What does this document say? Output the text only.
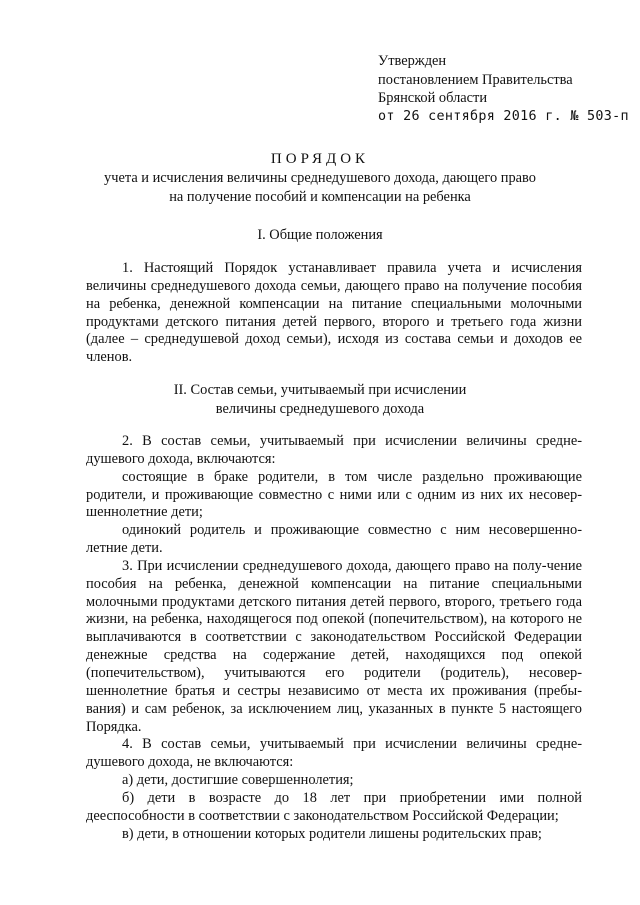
Утвержден
постановлением Правительства
Брянской области
от 26 сентября 2016 г. № 503-п
ПОРЯДОК
учета и исчисления величины среднедушевого дохода, дающего право
на получение пособий и компенсации на ребенка
I. Общие положения

1. Настоящий Порядок устанавливает правила учета и исчисления величины среднедушевого дохода семьи, дающего право на получение пособия на ребенка, денежной компенсации на питание специальными молочными продуктами детского питания детей первого, второго и третьего года жизни (далее – среднедушевой доход семьи), исходя из состава семьи и доходов ее членов.

II. Состав семьи, учитываемый при исчислении
величины среднедушевого дохода

2. В состав семьи, учитываемый при исчислении величины средне-душевого дохода, включаются:

состоящие в браке родители, в том числе раздельно проживающие родители, и проживающие совместно с ними или с одним из них их несовер-шеннолетние дети;

одинокий родитель и проживающие совместно с ним несовершенно-летние дети.

3. При исчислении среднедушевого дохода, дающего право на полу-чение пособия на ребенка, денежной компенсации на питание специальными молочными продуктами детского питания детей первого, второго, третьего года жизни, на ребенка, находящегося под опекой (попечительством), на которого не выплачиваются в соответствии с законодательством Российской Федерации денежные средства на содержание детей, находящихся под опекой (попечительством), учитываются его родители (родитель), несовер-шеннолетние братья и сестры независимо от места их проживания (пребы-вания) и сам ребенок, за исключением лиц, указанных в пункте 5 настоящего Порядка.

4. В состав семьи, учитываемый при исчислении величины средне-душевого дохода, не включаются:

а) дети, достигшие совершеннолетия;

б) дети в возрасте до 18 лет при приобретении ими полной дееспособности в соответствии с законодательством Российской Федерации;

в) дети, в отношении которых родители лишены родительских прав;
